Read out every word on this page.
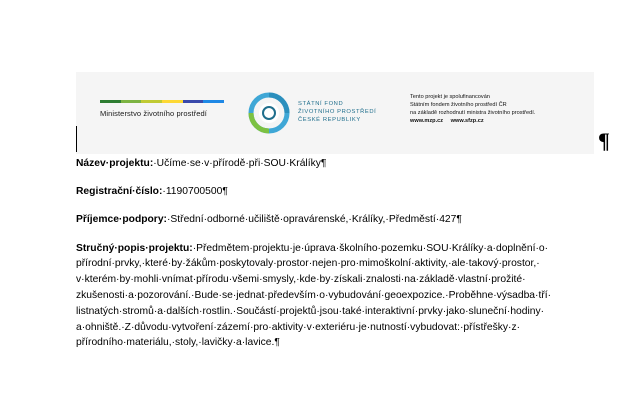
Ministerstvo životního prostředí
STÁTNÍ FOND
ŽIVOTNÍHO PROSTŘEDÍ
ČESKÉ REPUBLIKY
Tento projekt je spolufinancován
Státním fondem životního prostředí ČR
na základě rozhodnutí ministra životního prostředí.
www.mzp.cz www.sfzp.cz
¶

Název·projektu:·Učíme·se·v·přírodě·při·SOU·Králíky¶

Registrační·číslo:·1190700500¶

Příjemce·podpory:·Střední·odborné·učiliště·opravárenské,·Králíky,·Předměstí·427¶

Stručný·popis·projektu:·Předmětem·projektu·je·úprava·školního·pozemku·SOU·Králíky·a·doplnění·o·
přírodní·prvky,·které·by·žákům·poskytovaly·prostor·nejen·pro·mimoškolní·aktivity,·ale·takový·prostor,·
v·kterém·by·mohli·vnímat·přírodu·všemi·smysly,·kde·by·získali·znalosti·na·základě·vlastní·prožité·
zkušenosti·a·pozorování.·Bude·se·jednat·především·o·vybudování·geoexpozice.·Proběhne·výsadba·tří·
listnatých·stromů·a·dalších·rostlin.·Součástí·projektů·jsou·také·interaktivní·prvky·jako·sluneční·hodiny·
a·ohniště.·Z·důvodu·vytvoření·zázemí·pro·aktivity·v·exteriéru·je·nutností·vybudovat:·přístřešky·z·
přírodního·materiálu,·stoly,·lavičky·a·lavice.¶
